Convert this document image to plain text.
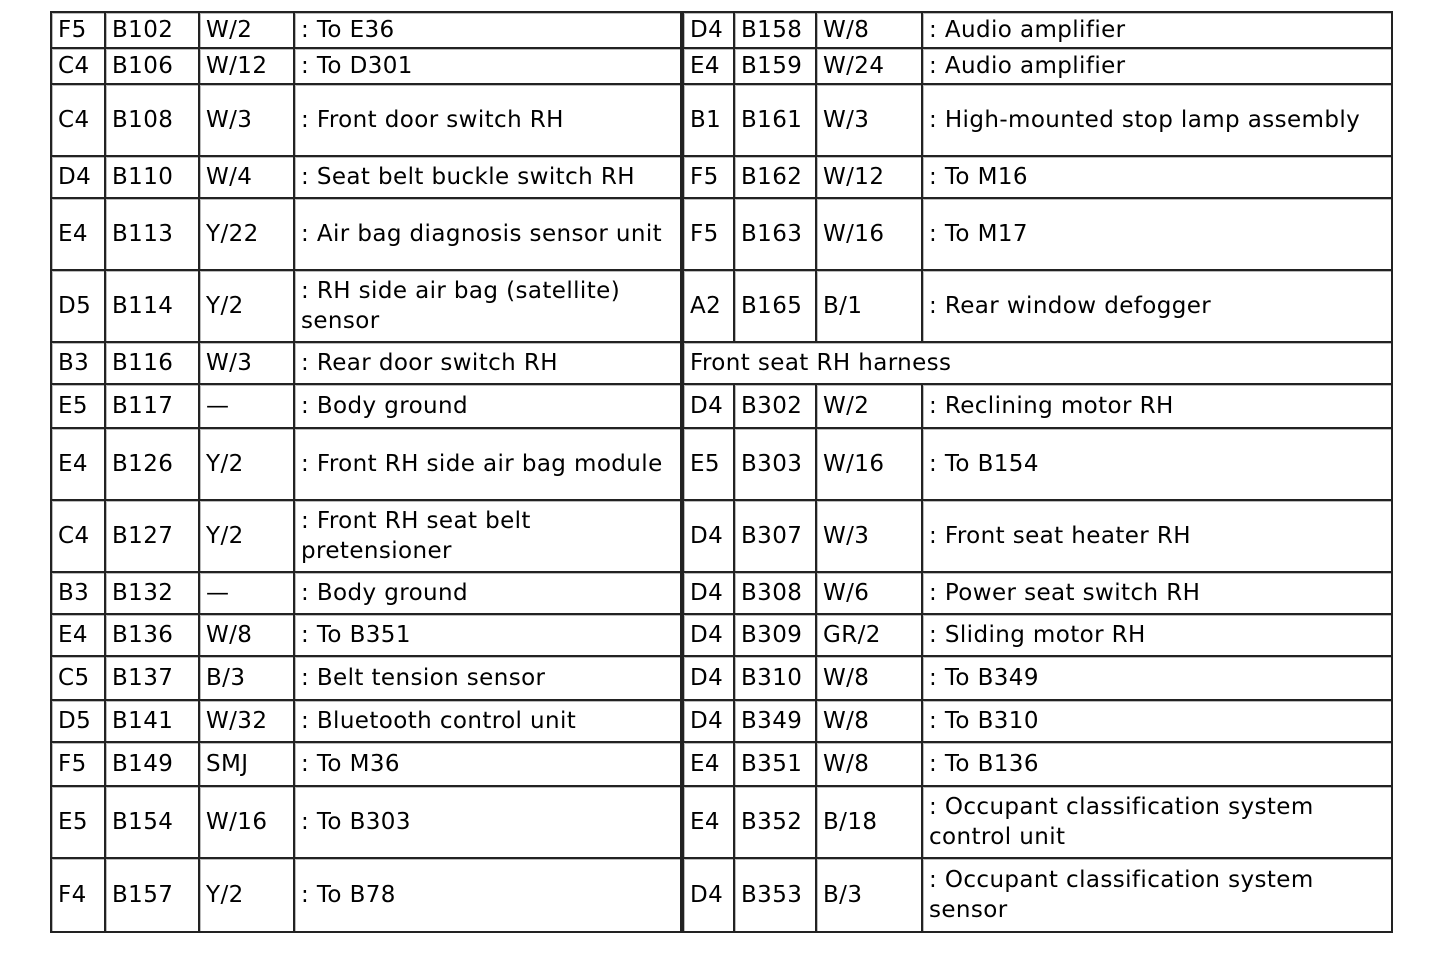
F5	B102	W/2	: To E36	D4	B158	W/8	: Audio amplifier
C4	B106	W/12	: To D301	E4	B159	W/24	: Audio amplifier
C4	B108	W/3	: Front door switch RH	B1	B161	W/3	: High-mounted stop lamp assembly
D4	B110	W/4	: Seat belt buckle switch RH	F5	B162	W/12	: To M16
E4	B113	Y/22	: Air bag diagnosis sensor unit	F5	B163	W/16	: To M17
D5	B114	Y/2	: RH side air bag (satellite) sensor	A2	B165	B/1	: Rear window defogger
B3	B116	W/3	: Rear door switch RH	Front seat RH harness			
E5	B117	—	: Body ground	D4	B302	W/2	: Reclining motor RH
E4	B126	Y/2	: Front RH side air bag module	E5	B303	W/16	: To B154
C4	B127	Y/2	: Front RH seat belt pretensioner	D4	B307	W/3	: Front seat heater RH
B3	B132	—	: Body ground	D4	B308	W/6	: Power seat switch RH
E4	B136	W/8	: To B351	D4	B309	GR/2	: Sliding motor RH
C5	B137	B/3	: Belt tension sensor	D4	B310	W/8	: To B349
D5	B141	W/32	: Bluetooth control unit	D4	B349	W/8	: To B310
F5	B149	SMJ	: To M36	E4	B351	W/8	: To B136
E5	B154	W/16	: To B303	E4	B352	B/18	: Occupant classification system control unit
F4	B157	Y/2	: To B78	D4	B353	B/3	: Occupant classification system sensor
